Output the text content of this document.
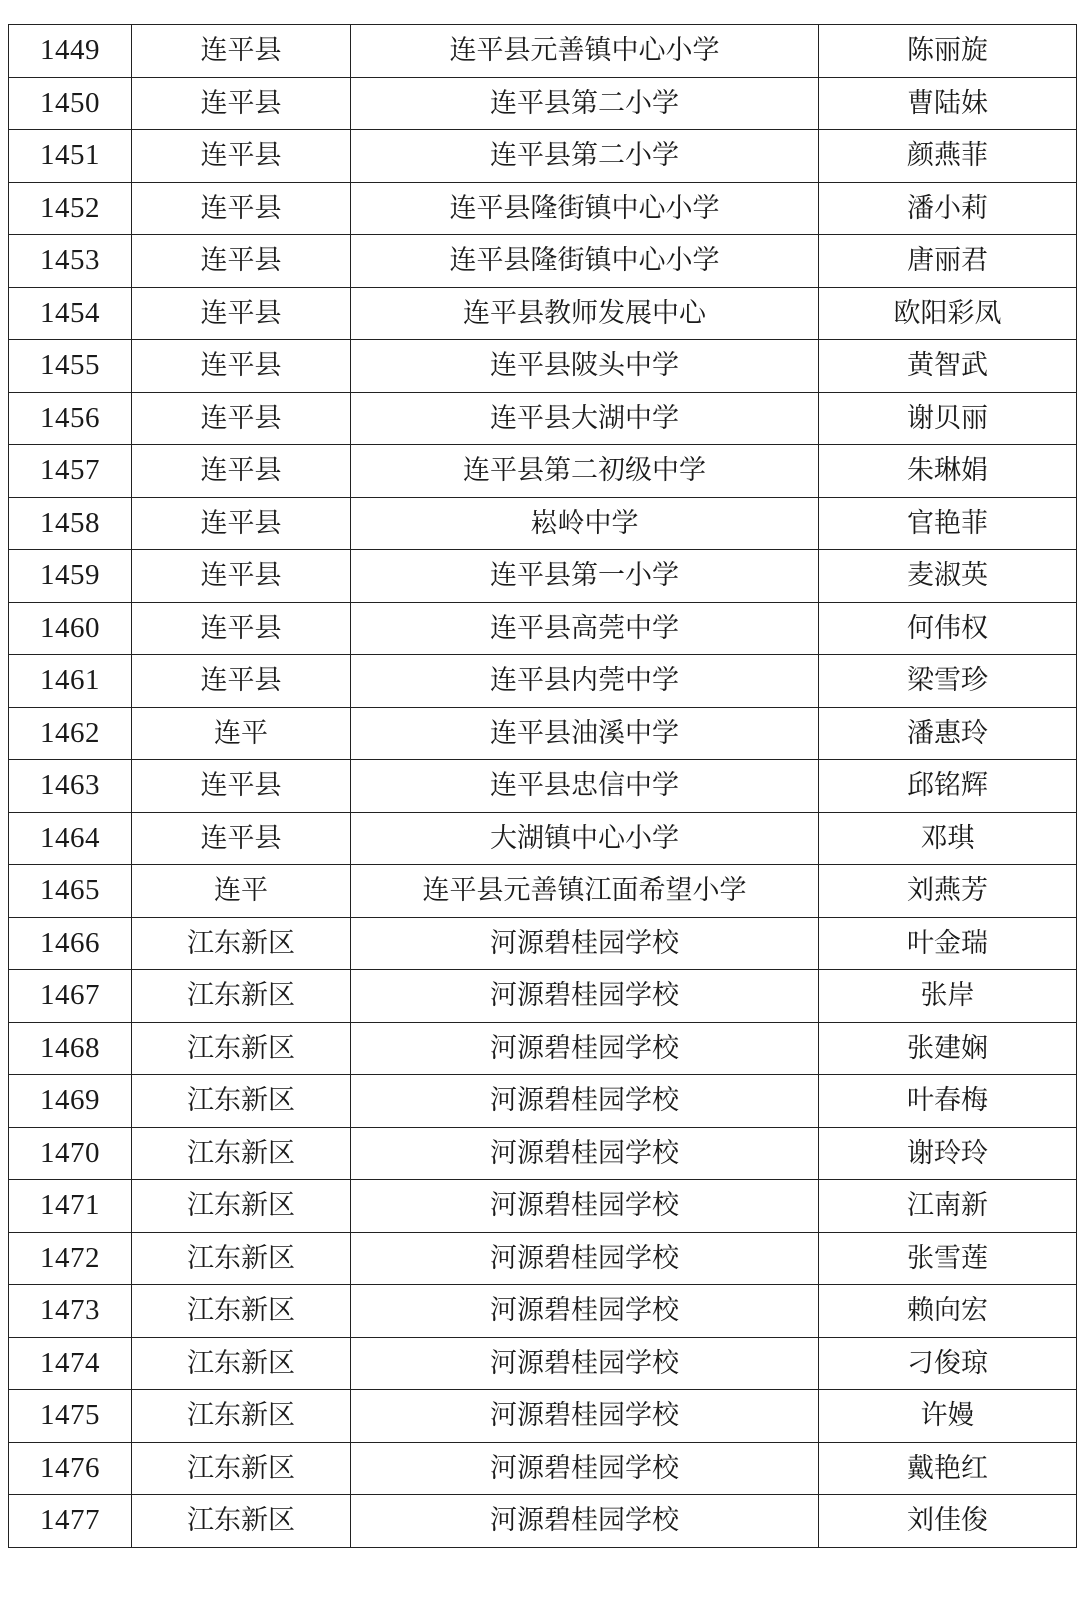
1449	连平县	连平县元善镇中心小学	陈丽旋
1450	连平县	连平县第二小学	曹陆妹
1451	连平县	连平县第二小学	颜燕菲
1452	连平县	连平县隆街镇中心小学	潘小莉
1453	连平县	连平县隆街镇中心小学	唐丽君
1454	连平县	连平县教师发展中心	欧阳彩凤
1455	连平县	连平县陂头中学	黄智武
1456	连平县	连平县大湖中学	谢贝丽
1457	连平县	连平县第二初级中学	朱琳娟
1458	连平县	崧岭中学	官艳菲
1459	连平县	连平县第一小学	麦淑英
1460	连平县	连平县高莞中学	何伟权
1461	连平县	连平县内莞中学	梁雪珍
1462	连平	连平县油溪中学	潘惠玲
1463	连平县	连平县忠信中学	邱铭辉
1464	连平县	大湖镇中心小学	邓琪
1465	连平	连平县元善镇江面希望小学	刘燕芳
1466	江东新区	河源碧桂园学校	叶金瑞
1467	江东新区	河源碧桂园学校	张岸
1468	江东新区	河源碧桂园学校	张建娴
1469	江东新区	河源碧桂园学校	叶春梅
1470	江东新区	河源碧桂园学校	谢玲玲
1471	江东新区	河源碧桂园学校	江南新
1472	江东新区	河源碧桂园学校	张雪莲
1473	江东新区	河源碧桂园学校	赖向宏
1474	江东新区	河源碧桂园学校	刁俊琼
1475	江东新区	河源碧桂园学校	许嫚
1476	江东新区	河源碧桂园学校	戴艳红
1477	江东新区	河源碧桂园学校	刘佳俊
